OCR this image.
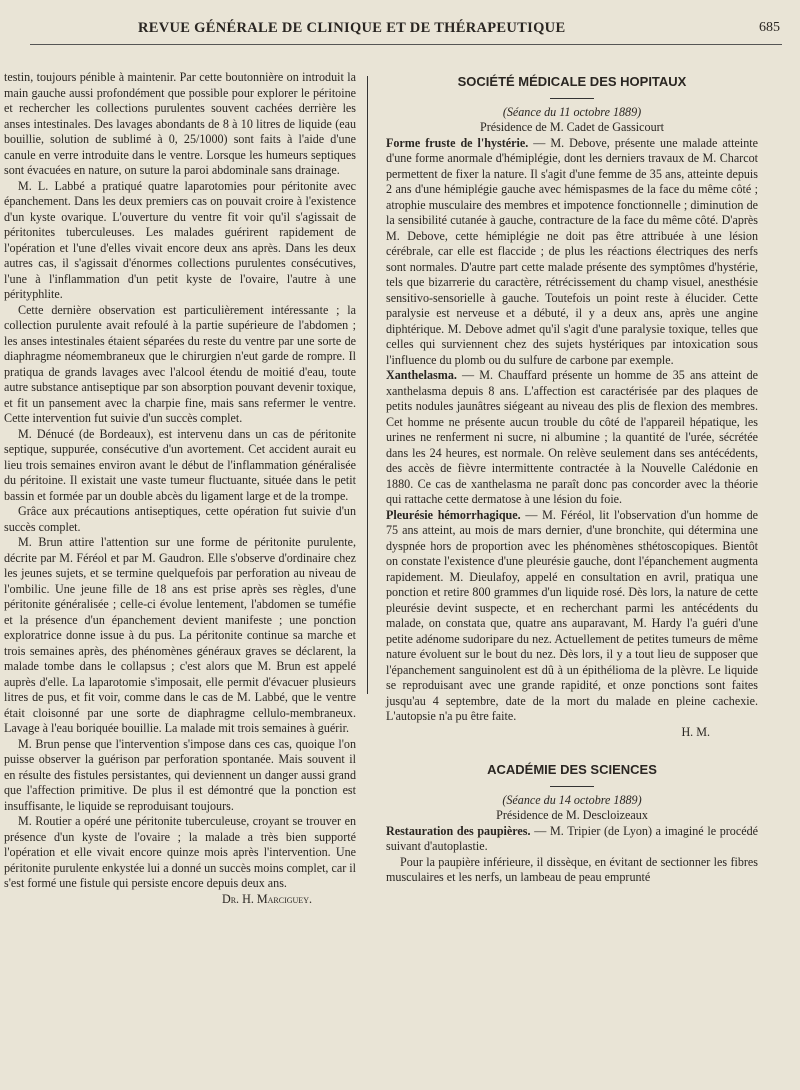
REVUE GÉNÉRALE DE CLINIQUE ET DE THÉRAPEUTIQUE	685

testin, toujours pénible à maintenir. Par cette boutonnière on introduit la main gauche aussi profondément que possible pour explorer le péritoine et rechercher les collections purulentes souvent cachées derrière les anses intestinales. Des lavages abondants de 8 à 10 litres de liquide (eau bouillie, solution de sublimé à 0, 25/1000) sont faits à l'aide d'une canule en verre introduite dans le ventre. Lorsque les humeurs septiques sont évacuées en nature, on suture la paroi abdominale sans drainage.

M. L. Labbé a pratiqué quatre laparotomies pour péritonite avec épanchement. Dans les deux premiers cas on pouvait croire à l'existence d'un kyste ovarique. L'ouverture du ventre fit voir qu'il s'agissait de péritonites tuberculeuses. Les malades guérirent rapidement de l'opération et l'une d'elles vivait encore deux ans après. Dans les deux autres cas, il s'agissait d'énormes collections purulentes consécutives, l'une à l'inflammation d'un petit kyste de l'ovaire, l'autre à une pérityphlite.

Cette dernière observation est particulièrement intéressante ; la collection purulente avait refoulé à la partie supérieure de l'abdomen ; les anses intestinales étaient séparées du reste du ventre par une sorte de diaphragme néomembraneux que le chirurgien n'eut garde de rompre. Il pratiqua de grands lavages avec l'alcool étendu de moitié d'eau, toute autre substance antiseptique par son absorption pouvant devenir toxique, et fit un pansement avec la charpie fine, mais sans refermer le ventre. Cette intervention fut suivie d'un succès complet.

M. Dénucé (de Bordeaux), est intervenu dans un cas de péritonite septique, suppurée, consécutive d'un avortement. Cet accident aurait eu lieu trois semaines environ avant le début de l'inflammation généralisée du péritoine. Il existait une vaste tumeur fluctuante, située dans le petit bassin et formée par un double abcès du ligament large et de la trompe.

Grâce aux précautions antiseptiques, cette opération fut suivie d'un succès complet.

M. Brun attire l'attention sur une forme de péritonite purulente, décrite par M. Féréol et par M. Gaudron. Elle s'observe d'ordinaire chez les jeunes sujets, et se termine quelquefois par perforation au niveau de l'ombilic. Une jeune fille de 18 ans est prise après ses règles, d'une péritonite généralisée ; celle-ci évolue lentement, l'abdomen se tuméfie et la présence d'un épanchement devient manifeste ; une ponction exploratrice donne issue à du pus. La péritonite continue sa marche et trois semaines après, des phénomènes généraux graves se déclarent, la malade tombe dans le collapsus ; c'est alors que M. Brun est appelé auprès d'elle. La laparotomie s'imposait, elle permit d'évacuer plusieurs litres de pus, et fit voir, comme dans le cas de M. Labbé, que le ventre était cloisonné par une sorte de diaphragme cellulo-membraneux. Lavage à l'eau boriquée bouillie. La malade mit trois semaines à guérir.

M. Brun pense que l'intervention s'impose dans ces cas, quoique l'on puisse observer la guérison par perforation spontanée. Mais souvent il en résulte des fistules persistantes, qui deviennent un danger aussi grand que l'affection primitive. De plus il est démontré que la ponction est insuffisante, le liquide se reproduisant toujours.

M. Routier a opéré une péritonite tuberculeuse, croyant se trouver en présence d'un kyste de l'ovaire ; la malade a très bien supporté l'opération et elle vivait encore quinze mois après l'intervention. Une péritonite purulente enkystée lui a donné un succès moins complet, car il s'est formé une fistule qui persiste encore depuis deux ans.

Dr. H. Marciguey.

SOCIÉTÉ MÉDICALE DES HOPITAUX

(Séance du 11 octobre 1889)

Présidence de M. Cadet de Gassicourt

Forme fruste de l'hystérie. — M. Debove, présente une malade atteinte d'une forme anormale d'hémiplégie, dont les derniers travaux de M. Charcot permettent de fixer la nature. Il s'agit d'une femme de 35 ans, atteinte depuis 2 ans d'une hémiplégie gauche avec hémispasmes de la face du même côté ; atrophie musculaire des membres et impotence fonctionnelle ; diminution de la sensibilité cutanée à gauche, contracture de la face du même côté. D'après M. Debove, cette hémiplégie ne doit pas être attribuée à une lésion cérébrale, car elle est flaccide ; de plus les réactions électriques des nerfs sont normales. D'autre part cette malade présente des symptômes d'hystérie, tels que bizarrerie du caractère, rétrécissement du champ visuel, anesthésie sensitivo-sensorielle à gauche. Toutefois un point reste à élucider. Cette paralysie est nerveuse et a débuté, il y a deux ans, après une angine diphtérique. M. Debove admet qu'il s'agit d'une paralysie toxique, telles que celles qui surviennent chez des sujets hystériques par intoxication sous l'influence du plomb ou du sulfure de carbone par exemple.

Xanthelasma. — M. Chauffard présente un homme de 35 ans atteint de xanthelasma depuis 8 ans. L'affection est caractérisée par des plaques de petits nodules jaunâtres siégeant au niveau des plis de flexion des membres. Cet homme ne présente aucun trouble du côté de l'appareil hépatique, les urines ne renferment ni sucre, ni albumine ; la quantité de l'urée, sécrétée dans les 24 heures, est normale. On relève seulement dans ses antécédents, des accès de fièvre intermittente contractée à la Nouvelle Calédonie en 1880. Ce cas de xanthelasma ne paraît donc pas concorder avec la théorie qui rattache cette dermatose à une lésion du foie.

Pleurésie hémorrhagique. — M. Féréol, lit l'observation d'un homme de 75 ans atteint, au mois de mars dernier, d'une bronchite, qui détermina une dyspnée hors de proportion avec les phénomènes sthétoscopiques. Bientôt on constate l'existence d'une pleurésie gauche, dont l'épanchement augmenta rapidement. M. Dieulafoy, appelé en consultation en avril, pratiqua une ponction et retire 800 grammes d'un liquide rosé. Dès lors, la nature de cette pleurésie devint suspecte, et en recherchant parmi les antécédents du malade, on constata que, quatre ans auparavant, M. Hardy l'a guéri d'une petite adénome sudoripare du nez. Actuellement de petites tumeurs de même nature évoluent sur le bout du nez. Dès lors, il y a tout lieu de supposer que l'épanchement sanguinolent est dû à un épithélioma de la plèvre. Le liquide se reproduisant avec une grande rapidité, et onze ponctions sont faites jusqu'au 4 septembre, date de la mort du malade en pleine cachexie. L'autopsie n'a pu être faite.

H. M.

ACADÉMIE DES SCIENCES

(Séance du 14 octobre 1889)

Présidence de M. Descloizeaux

Restauration des paupières. — M. Tripier (de Lyon) a imaginé le procédé suivant d'autoplastie.

Pour la paupière inférieure, il dissèque, en évitant de sectionner les fibres musculaires et les nerfs, un lambeau de peau emprunté
